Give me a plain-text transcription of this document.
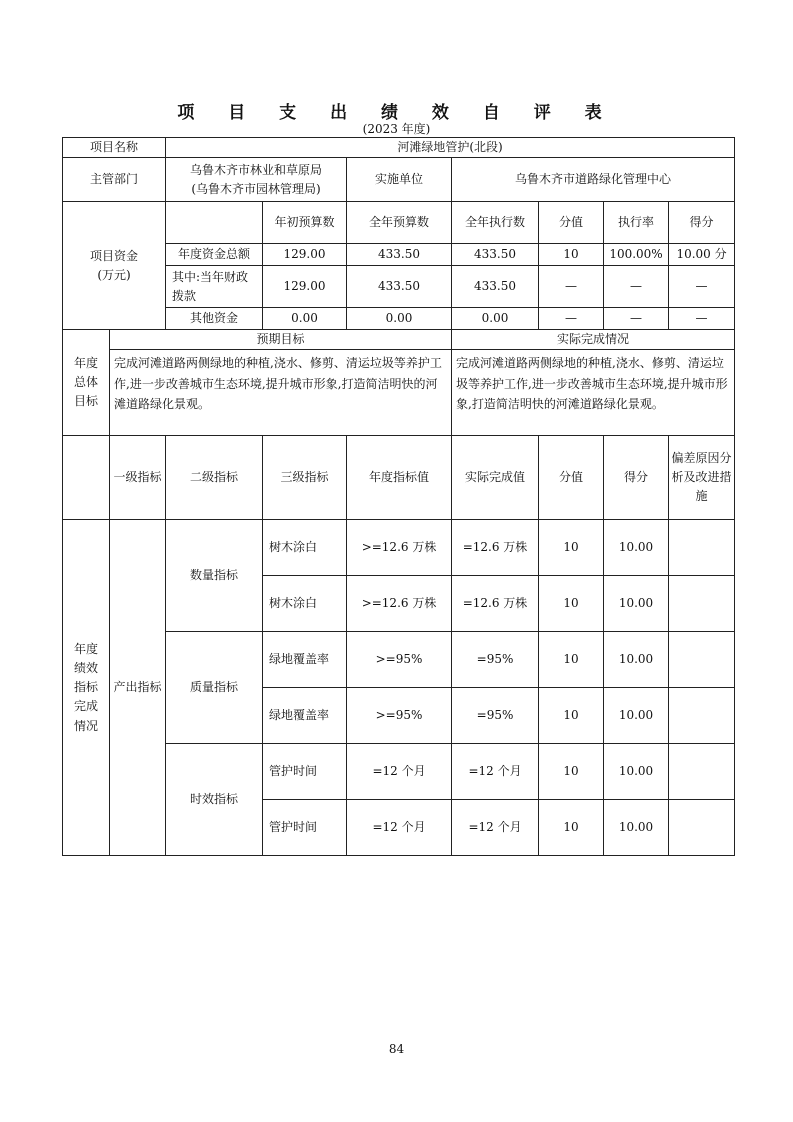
项 目 支 出 绩 效 自 评 表
(2023 年度)
项目名称		河滩绿地管护(北段)						
主管部门		乌鲁木齐市林业和草原局
(乌鲁木齐市园林管理局)		实施单位	乌鲁木齐市道路绿化管理中心			

项目资金
(万元)			年初预算数	全年预算数	全年执行数	分值	执行率	得分
		年度资金总额	129.00	433.50	433.50	10	100.00%	10.00 分
		其中:当年财政拨款	129.00	433.50	433.50	—	—	—
		其他资金	0.00	0.00	0.00	—	—	—

年度
总体
目标	预期目标				实际完成情况			
	完成河滩道路两侧绿地的种植,浇水、修剪、清运垃圾等养护工作,进一步改善城市生态环境,提升城市形象,打造简洁明快的河滩道路绿化景观。				完成河滩道路两侧绿地的种植,浇水、修剪、清运垃圾等养护工作,进一步改善城市生态环境,提升城市形象,打造简洁明快的河滩道路绿化景观。			
	一级指标	二级指标	三级指标	年度指标值	实际完成值	分值	得分	偏差原因分析及改进措施

年度
绩效
指标
完成
情况	产出指标	数量指标	树木涂白	>=12.6 万株	=12.6 万株	10	10.00	
			树木涂白	>=12.6 万株	=12.6 万株	10	10.00	
		质量指标	绿地覆盖率	>=95%	=95%	10	10.00	
			绿地覆盖率	>=95%	=95%	10	10.00	
		时效指标	管护时间	=12 个月	=12 个月	10	10.00	
			管护时间	=12 个月	=12 个月	10	10.00	
84
